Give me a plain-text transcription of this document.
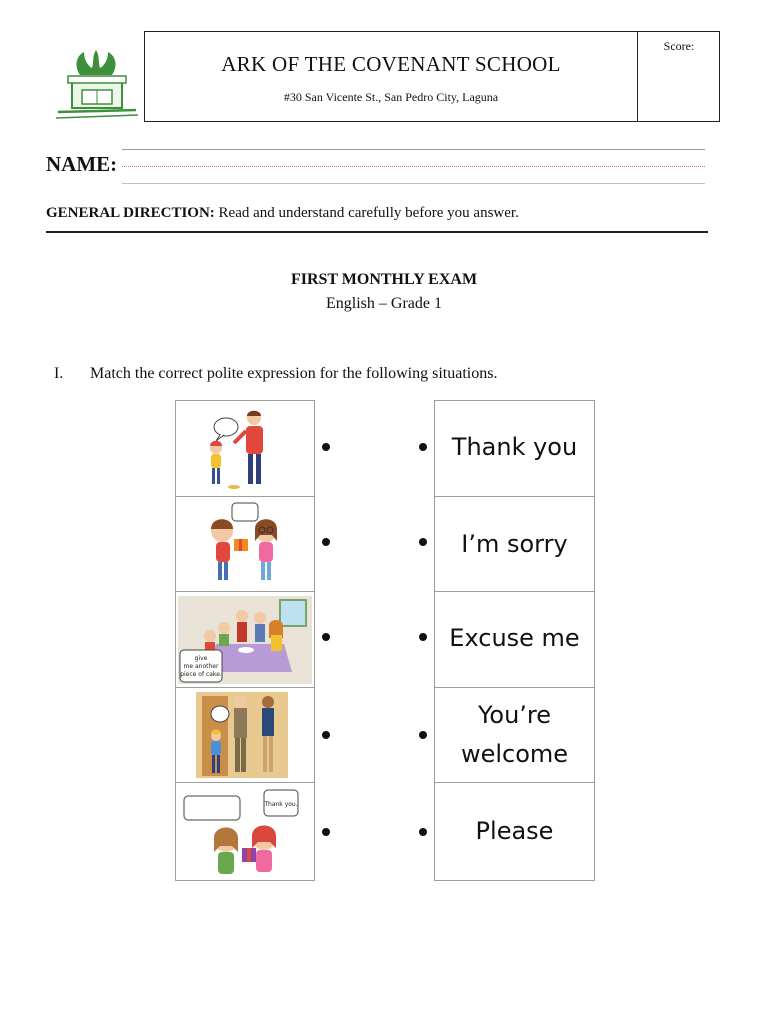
ARK OF THE COVENANT SCHOOL
#30 San Vicente St., San Pedro City, Laguna
Score:
NAME:
GENERAL DIRECTION: Read and understand carefully before you answer.
FIRST MONTHLY EXAM
English – Grade 1
I. Match the correct polite expression for the following situations.
give
me another
piece of cake.
Thank you.
Thank you
I’m sorry
Excuse me
You’re
welcome
Please
